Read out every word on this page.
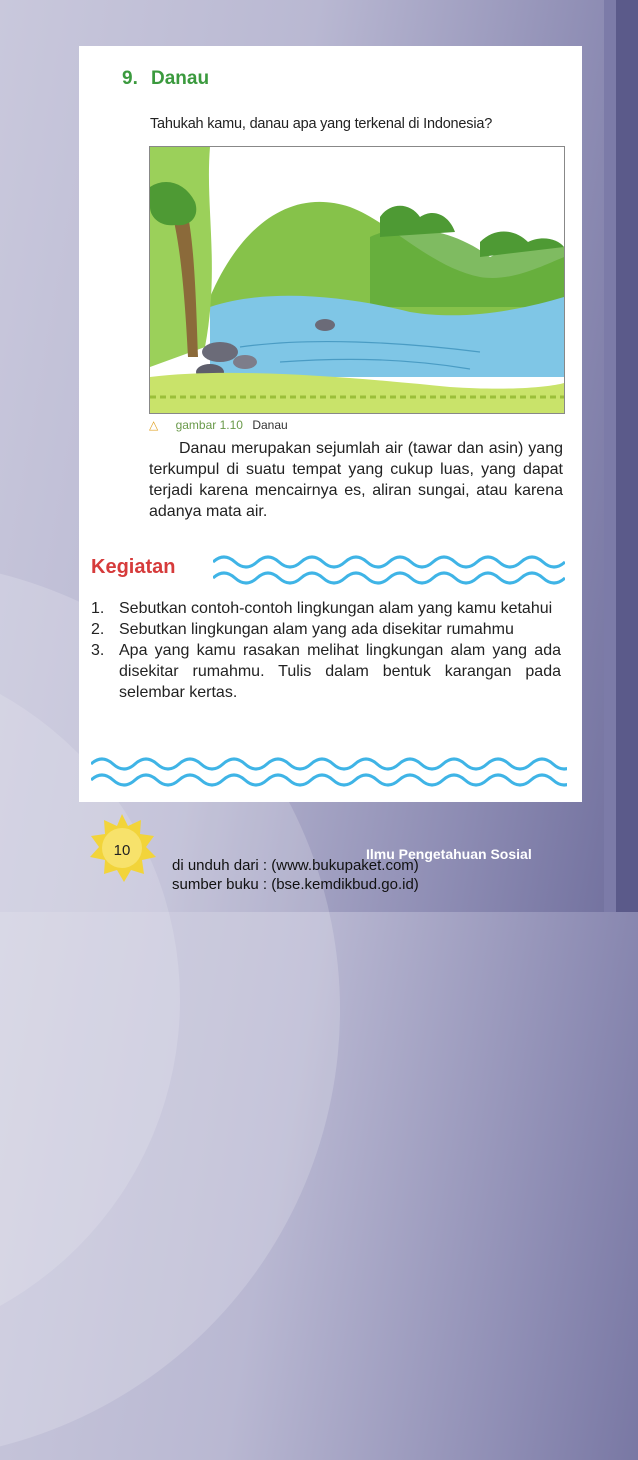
9. Danau
Tahukah kamu, danau apa yang terkenal di Indonesia?
△ gambar 1.10 Danau
Danau merupakan sejumlah air (tawar dan asin) yang terkumpul di suatu tempat yang cukup luas, yang dapat terjadi karena mencairnya es, aliran sungai, atau karena adanya mata air.
Kegiatan
1. Sebutkan contoh-contoh lingkungan alam yang kamu ketahui
2. Sebutkan lingkungan alam yang ada disekitar rumahmu
3. Apa yang kamu rasakan melihat lingkungan alam yang ada disekitar rumahmu. Tulis dalam bentuk karangan pada selembar kertas.
10	Ilmu Pengetahuan Sosial
di unduh dari : (www.bukupaket.com)
sumber buku : (bse.kemdikbud.go.id)
